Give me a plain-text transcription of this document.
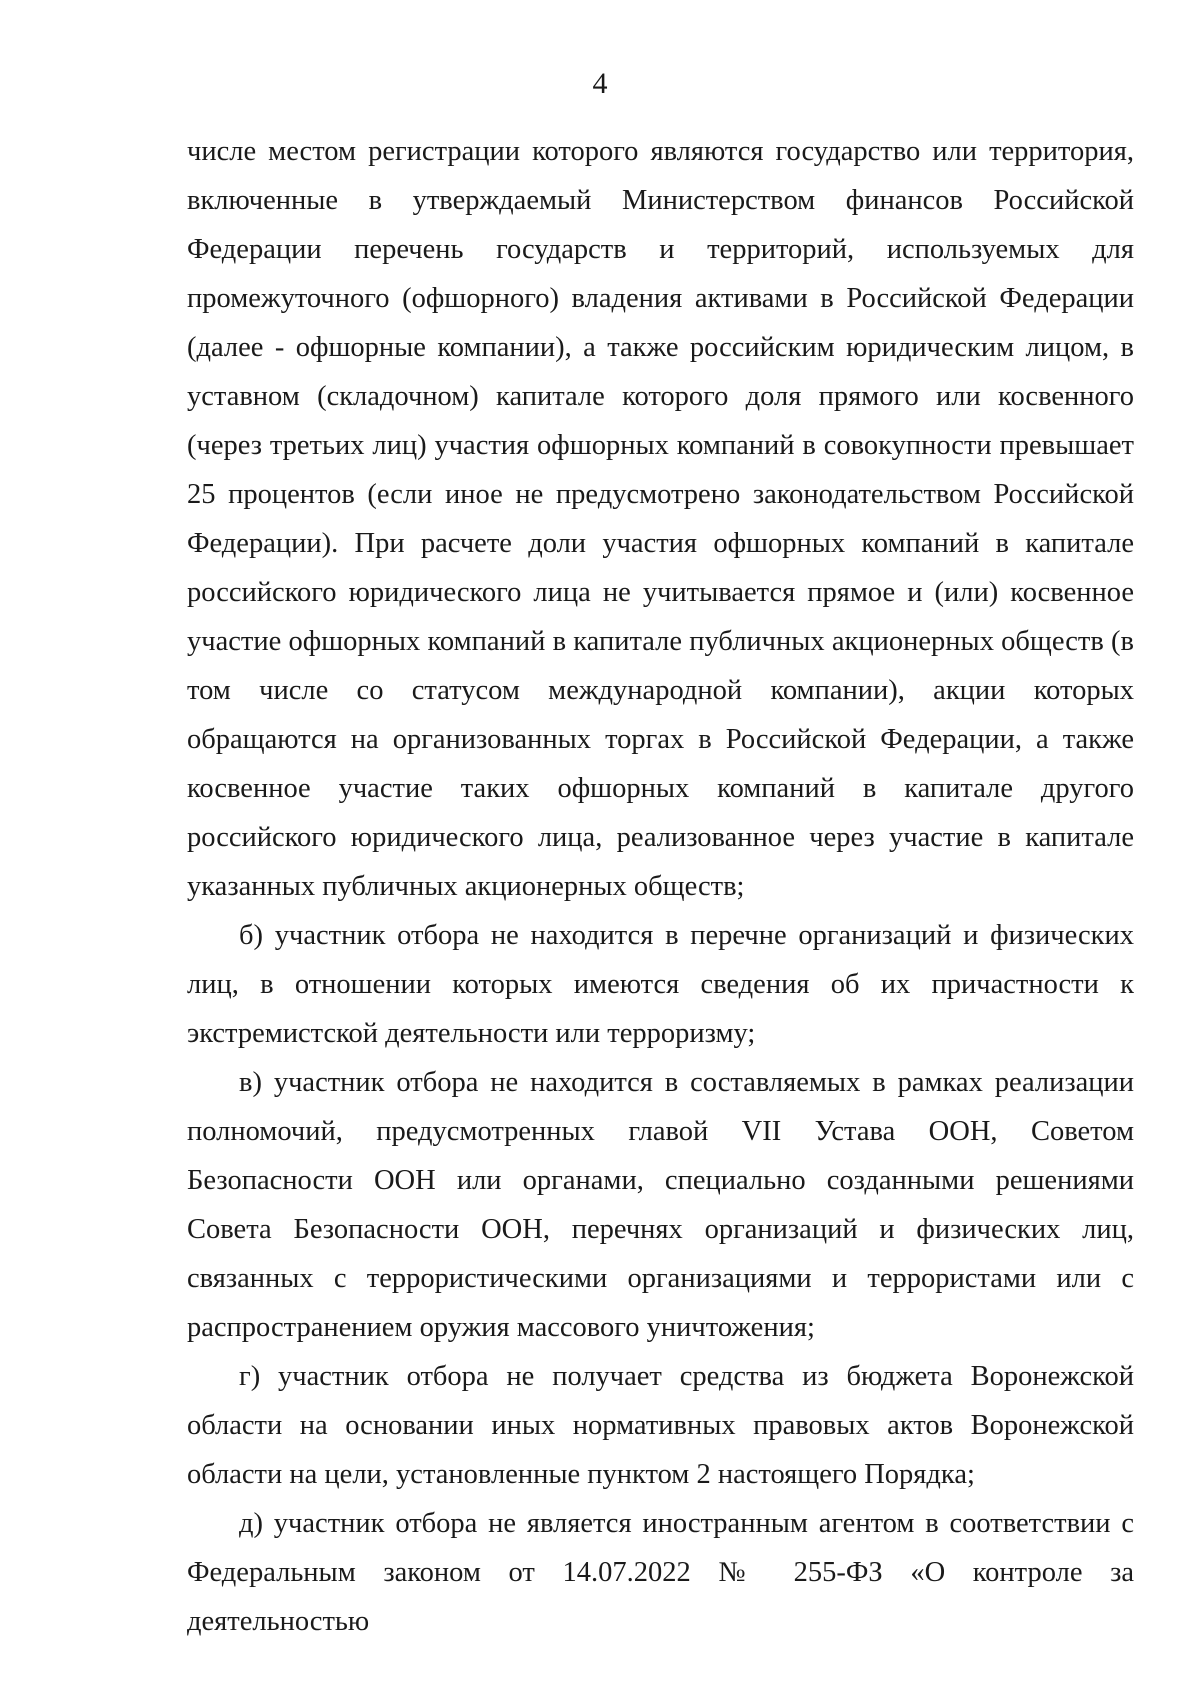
4

числе местом регистрации которого являются государство или территория, включенные в утверждаемый Министерством финансов Российской Федерации перечень государств и территорий, используемых для промежуточного (офшорного) владения активами в Российской Федерации (далее - офшорные компании), а также российским юридическим лицом, в уставном (складочном) капитале которого доля прямого или косвенного (через третьих лиц) участия офшорных компаний в совокупности превышает 25 процентов (если иное не предусмотрено законодательством Российской Федерации). При расчете доли участия офшорных компаний в капитале российского юридического лица не учитывается прямое и (или) косвенное участие офшорных компаний в капитале публичных акционерных обществ (в том числе со статусом международной компании), акции которых обращаются на организованных торгах в Российской Федерации, а также косвенное участие таких офшорных компаний в капитале другого российского юридического лица, реализованное через участие в капитале указанных публичных акционерных обществ;

б) участник отбора не находится в перечне организаций и физических лиц, в отношении которых имеются сведения об их причастности к экстремистской деятельности или терроризму;

в) участник отбора не находится в составляемых в рамках реализации полномочий, предусмотренных главой VII Устава ООН, Советом Безопасности ООН или органами, специально созданными решениями Совета Безопасности ООН, перечнях организаций и физических лиц, связанных с террористическими организациями и террористами или с распространением оружия массового уничтожения;

г) участник отбора не получает средства из бюджета Воронежской области на основании иных нормативных правовых актов Воронежской области на цели, установленные пунктом 2 настоящего Порядка;

д) участник отбора не является иностранным агентом в соответствии с Федеральным законом от 14.07.2022 № 255-ФЗ «О контроле за деятельностью
